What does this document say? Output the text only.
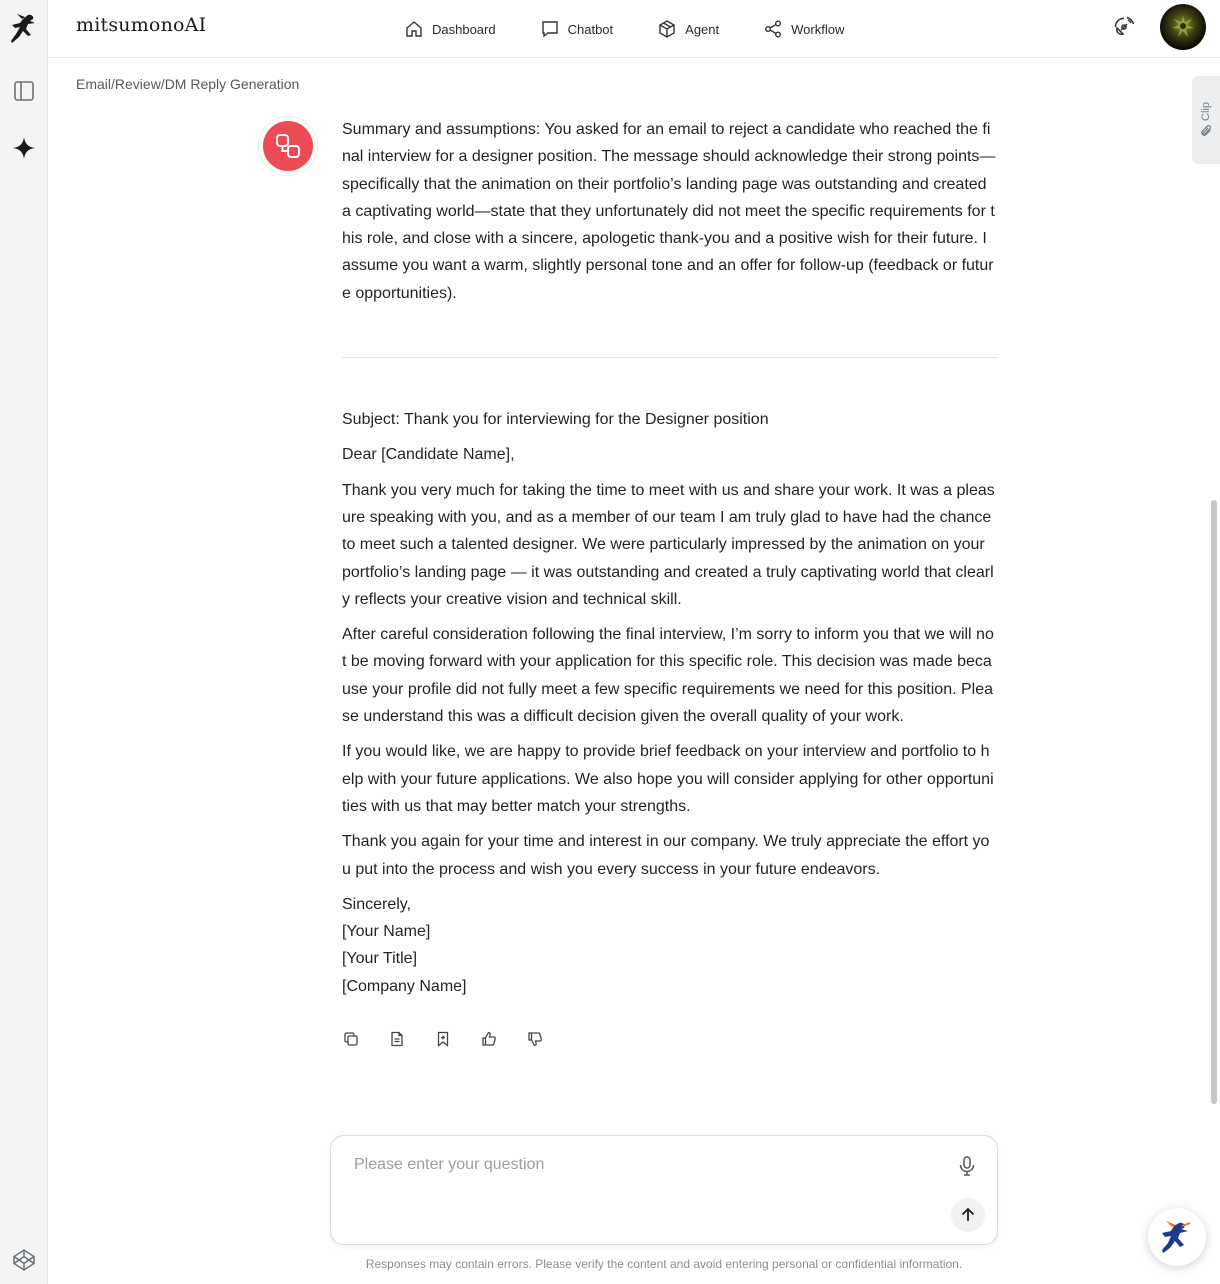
mitsumonoAI	Dashboard	Chatbot	Agent	Workflow
Email/Review/DM Reply Generation
Clip

Summary and assumptions: You asked for an email to reject a candidate who reached the final interview for a designer position. The message should acknowledge their strong points—specifically that the animation on their portfolio’s landing page was outstanding and created a captivating world—state that they unfortunately did not meet the specific requirements for this role, and close with a sincere, apologetic thank-you and a positive wish for their future. I assume you want a warm, slightly personal tone and an offer for follow-up (feedback or future opportunities).

Subject: Thank you for interviewing for the Designer position

Dear [Candidate Name],

Thank you very much for taking the time to meet with us and share your work. It was a pleasure speaking with you, and as a member of our team I am truly glad to have had the chance to meet such a talented designer. We were particularly impressed by the animation on your portfolio’s landing page — it was outstanding and created a truly captivating world that clearly reflects your creative vision and technical skill.

After careful consideration following the final interview, I’m sorry to inform you that we will not be moving forward with your application for this specific role. This decision was made because your profile did not fully meet a few specific requirements we need for this position. Please understand this was a difficult decision given the overall quality of your work.

If you would like, we are happy to provide brief feedback on your interview and portfolio to help with your future applications. We also hope you will consider applying for other opportunities with us that may better match your strengths.

Thank you again for your time and interest in our company. We truly appreciate the effort you put into the process and wish you every success in your future endeavors.

Sincerely,

[Your Name]

[Your Title]

[Company Name]

Please enter your question
Responses may contain errors. Please verify the content and avoid entering personal or confidential information.
